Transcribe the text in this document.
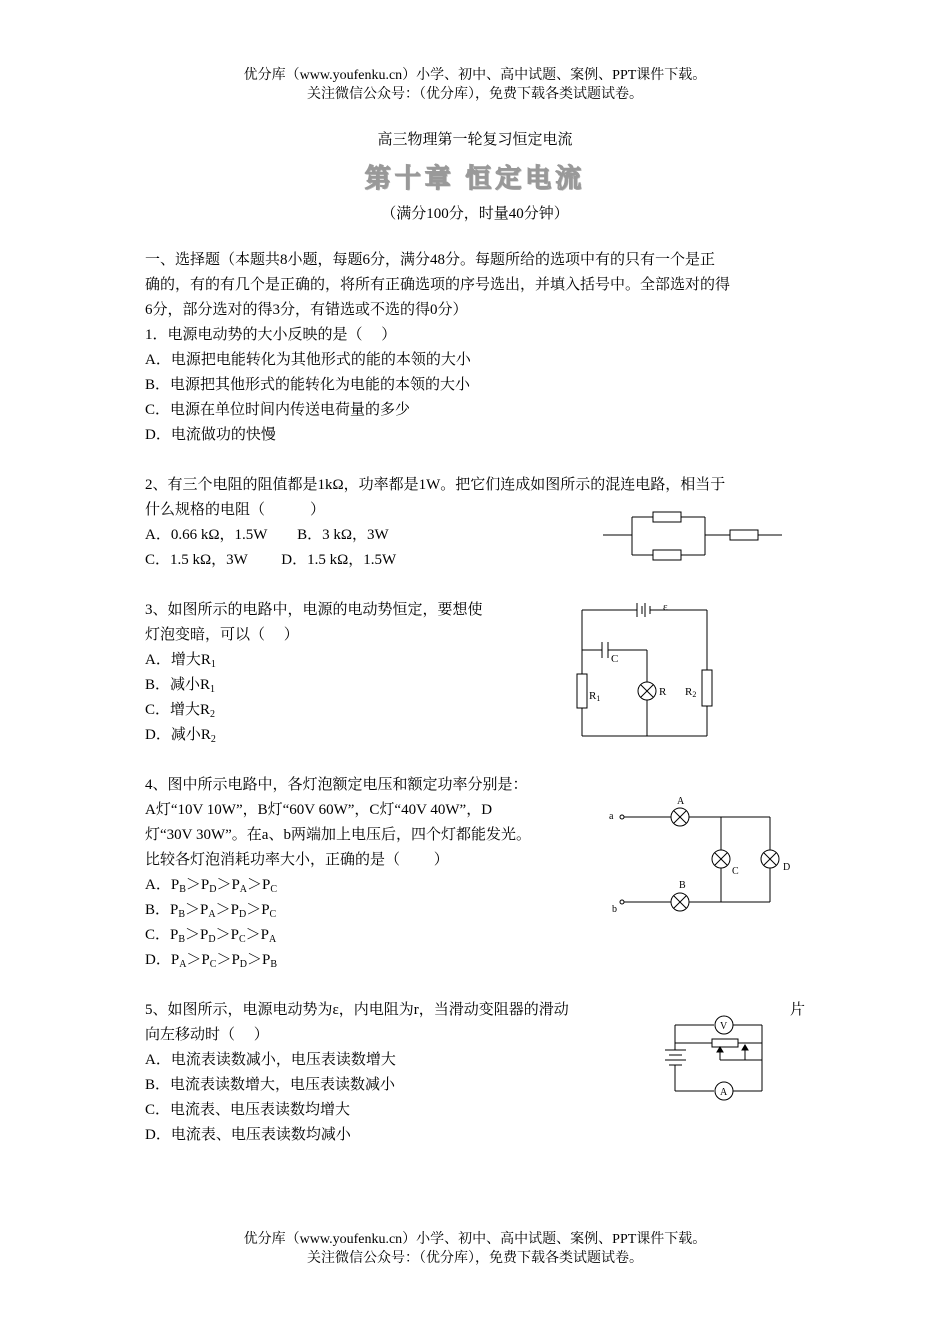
优分库（www.youfenku.cn）小学、初中、高中试题、案例、PPT课件下载。
关注微信公众号：（优分库），免费下载各类试题试卷。
高三物理第一轮复习恒定电流
第十章 恒定电流
（满分100分，时量40分钟）
一、选择题（本题共8小题，每题6分，满分48分。每题所给的选项中有的只有一个是正
确的，有的有几个是正确的，将所有正确选项的序号选出，并填入括号中。全部选对的得
6分，部分选对的得3分，有错选或不选的得0分）
1．电源电动势的大小反映的是（　 ）
A．电源把电能转化为其他形式的能的本领的大小
B．电源把其他形式的能转化为电能的本领的大小
C．电源在单位时间内传送电荷量的多少
D．电流做功的快慢
2、有三个电阻的阻值都是1kΩ，功率都是1W。把它们连成如图所示的混连电路，相当于
什么规格的电阻（　　　）
A．0.66 kΩ，1.5W　　B．3 kΩ，3W
C．1.5 kΩ，3W　　 D．1.5 kΩ，1.5W
3、如图所示的电路中，电源的电动势恒定，要想使
灯泡变暗，可以（　 ）
A．增大$R_1$
B．减小$R_1$
C．增大$R_2$
D．减小$R_2$
ε
C
R1
R R2
4、图中所示电路中，各灯泡额定电压和额定功率分别是：
A灯“10V 10W”，B灯“60V 60W”，C灯“40V 40W”，D
灯“30V 30W”。在a、b两端加上电压后，四个灯都能发光。
比较各灯泡消耗功率大小，正确的是（　　 ）
A．$P_B>P_D>P_A>P_C$
B．$P_B>P_A>P_D>P_C$
C．$P_B>P_D>P_C>P_A$
D．$P_A>P_C>P_D>P_B$
a
b
A
B
C	D
5、如图所示，电源电动势为ε，内电阻为r，当滑动变阻器的滑动	片
向左移动时（　 ）
A．电流表读数减小，电压表读数增大
B．电流表读数增大，电压表读数减小
C．电流表、电压表读数均增大
D．电流表、电压表读数均减小
V
A
优分库（www.youfenku.cn）小学、初中、高中试题、案例、PPT课件下载。
关注微信公众号：（优分库），免费下载各类试题试卷。
